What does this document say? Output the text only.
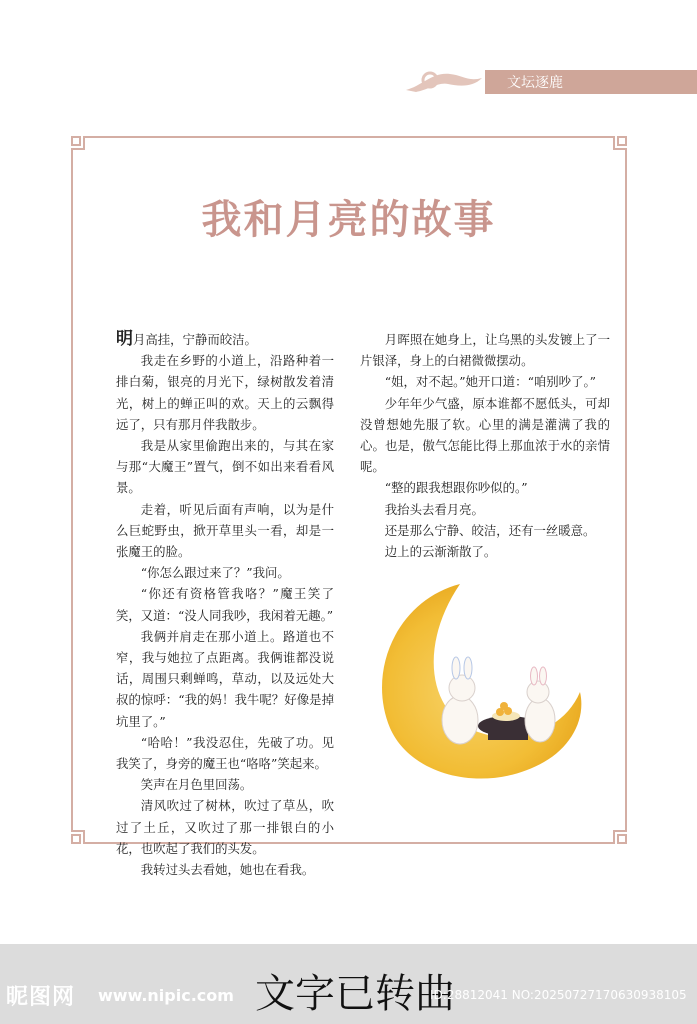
文坛逐鹿
我和月亮的故事

明月高挂，宁静而皎洁。

我走在乡野的小道上，沿路种着一排白菊，银亮的月光下，绿树散发着清光，树上的蝉正叫的欢。天上的云飘得远了，只有那月伴我散步。

我是从家里偷跑出来的，与其在家与那“大魔王”置气，倒不如出来看看风景。

走着，听见后面有声响，以为是什么巨蛇野虫，掀开草里头一看，却是一张魔王的脸。

“你怎么跟过来了？”我问。

“你还有资格管我咯？”魔王笑了笑，又道：“没人同我吵，我闲着无趣。”

我俩并肩走在那小道上。路道也不窄，我与她拉了点距离。我俩谁都没说话，周围只剩蝉鸣，草动，以及远处大叔的惊呼：“我的妈！我牛呢？好像是掉坑里了。”

“哈哈！”我没忍住，先破了功。见我笑了，身旁的魔王也“咯咯”笑起来。

笑声在月色里回荡。

清风吹过了树林，吹过了草丛，吹过了土丘，又吹过了那一排银白的小花，也吹起了我们的头发。

我转过头去看她，她也在看我。

月晖照在她身上，让乌黑的头发镀上了一片银泽，身上的白裙微微摆动。

“姐，对不起。”她开口道：“咱别吵了。”

少年年少气盛，原本谁都不愿低头，可却没曾想她先服了软。心里的满是灌满了我的心。也是，傲气怎能比得上那血浓于水的亲情呢。

“整的跟我想跟你吵似的。”

我抬头去看月亮。

还是那么宁静、皎洁，还有一丝暖意。

边上的云渐渐散了。

昵图网 www.nipic.com 文字已转曲
ID:28812041 NO:20250727170630938105
